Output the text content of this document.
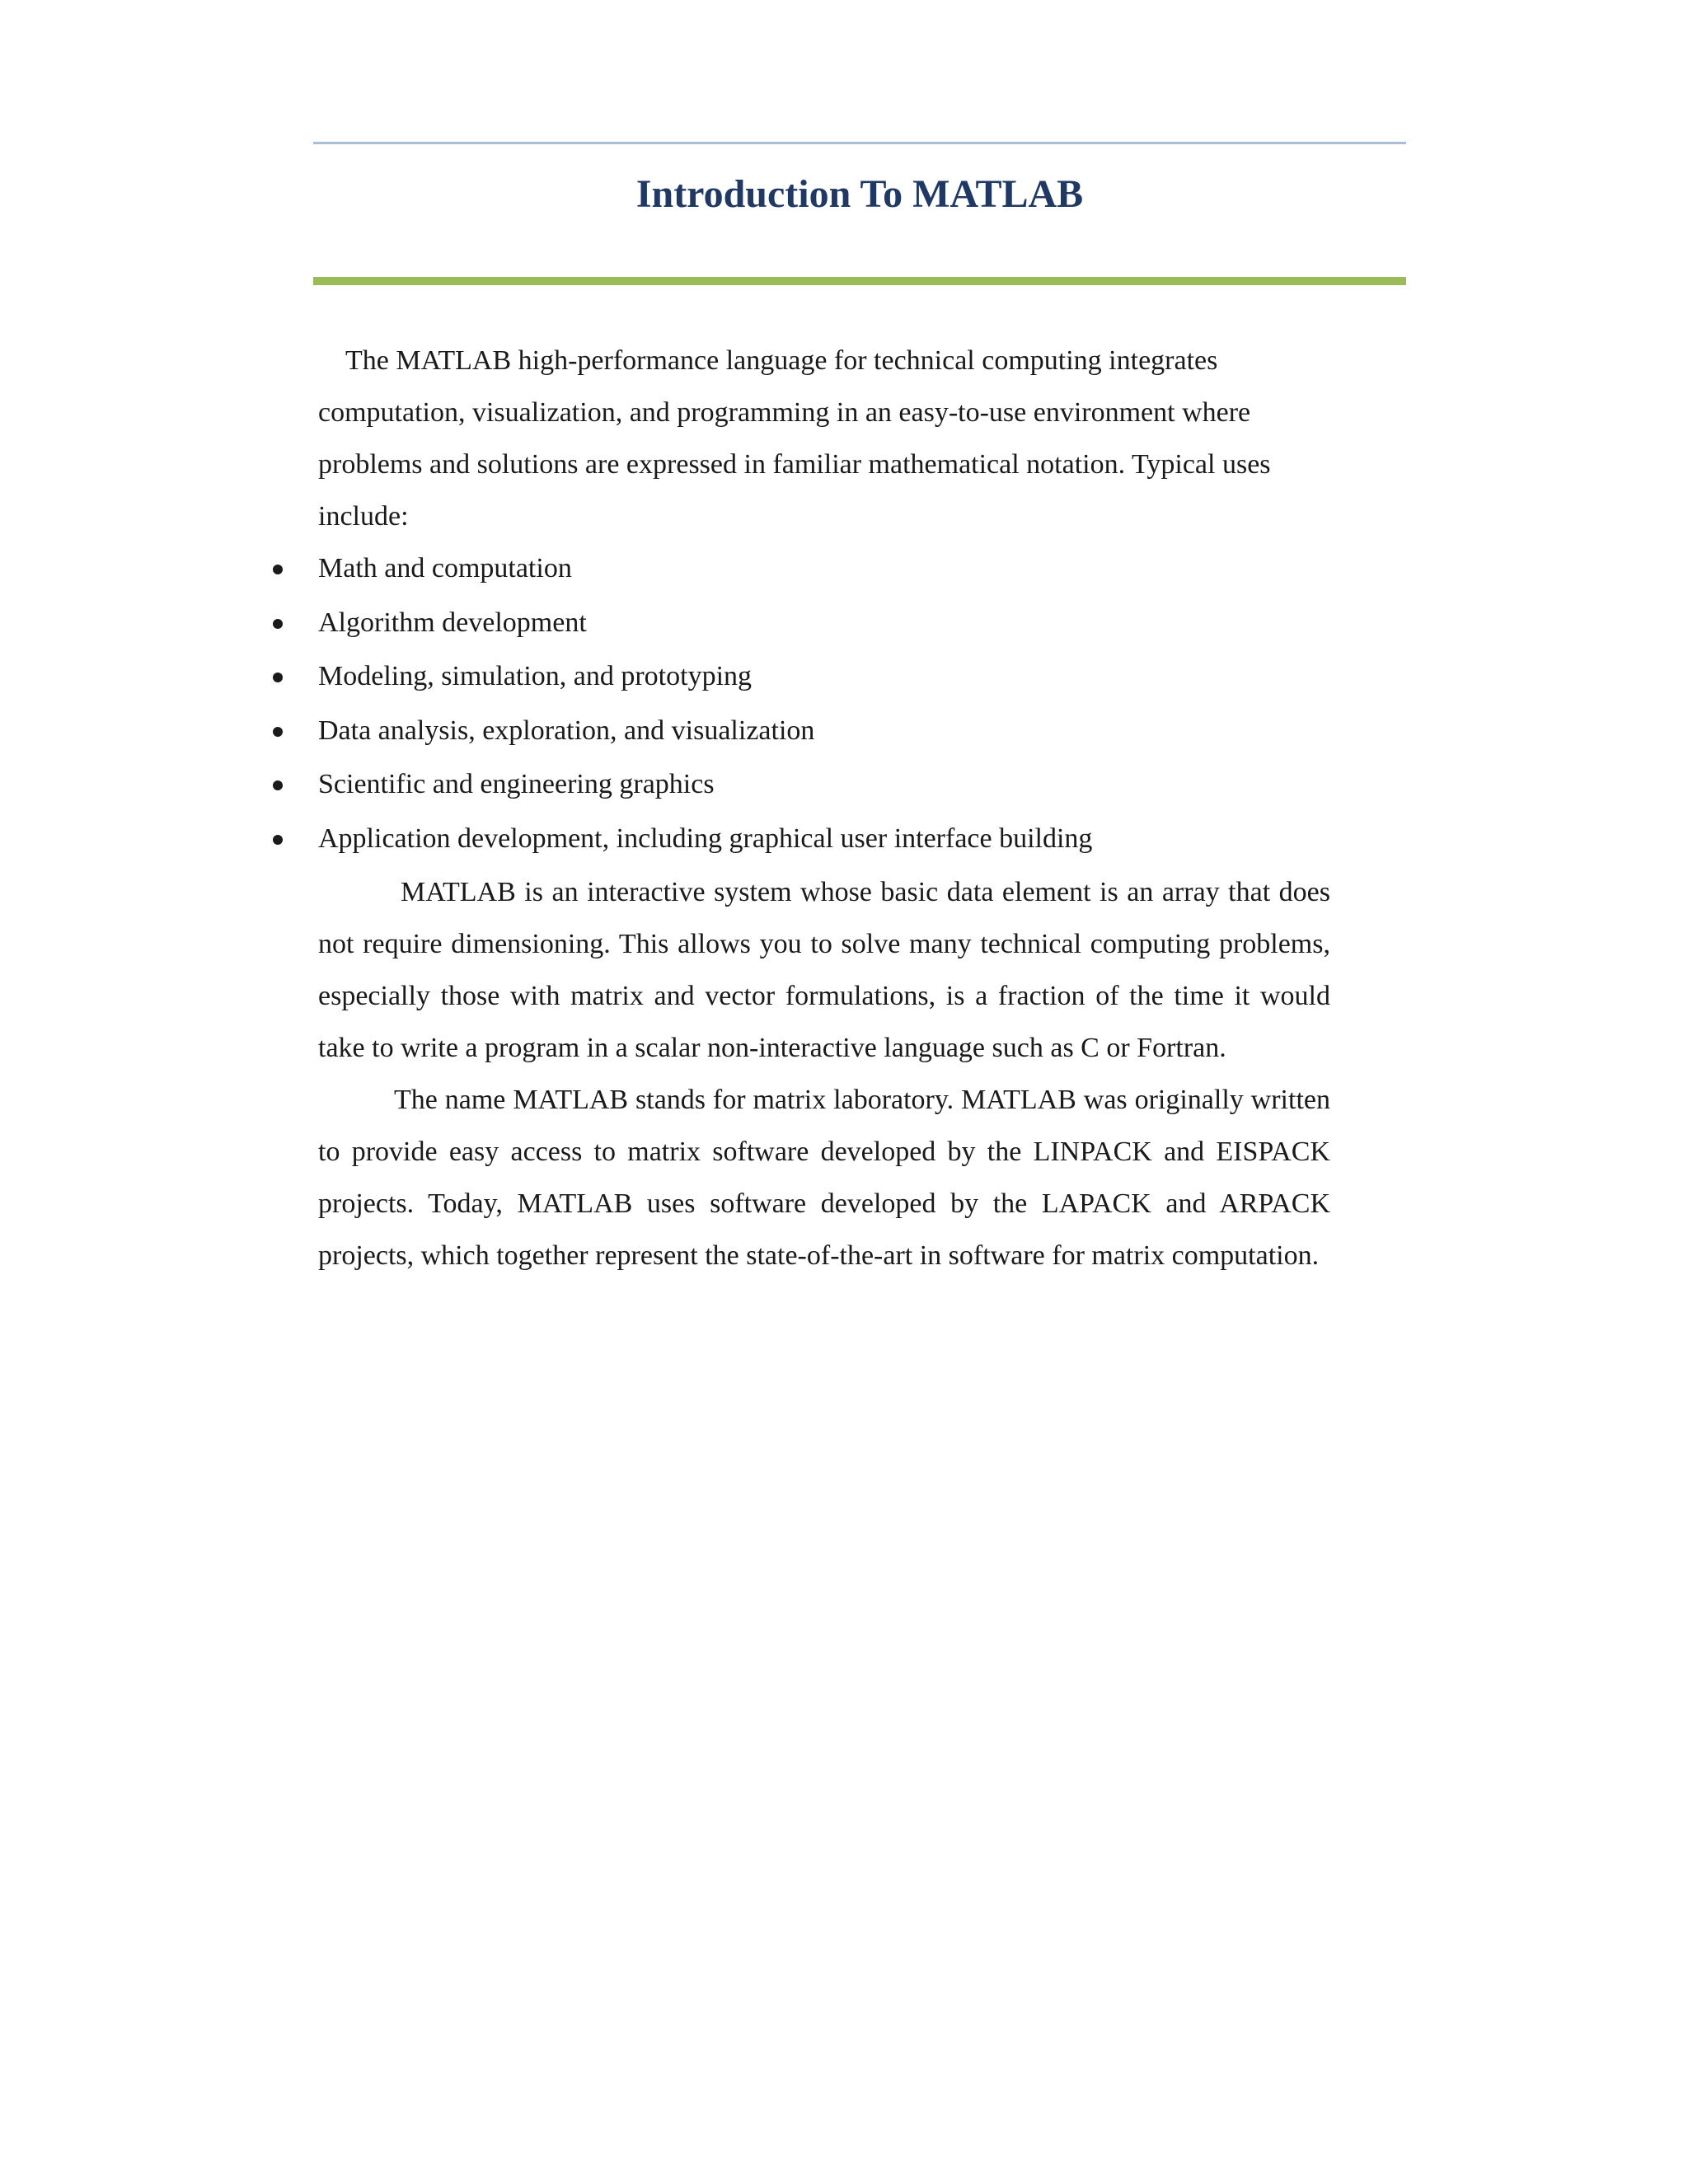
Introduction To MATLAB

The MATLAB high-performance language for technical computing integrates computation, visualization, and programming in an easy-to-use environment where problems and solutions are expressed in familiar mathematical notation. Typical uses include:

Math and computation
Algorithm development
Modeling, simulation, and prototyping
Data analysis, exploration, and visualization
Scientific and engineering graphics
Application development, including graphical user interface building

MATLAB is an interactive system whose basic data element is an array that does not require dimensioning. This allows you to solve many technical computing problems, especially those with matrix and vector formulations, is a fraction of the time it would take to write a program in a scalar non-interactive language such as C or Fortran.

The name MATLAB stands for matrix laboratory. MATLAB was originally written to provide easy access to matrix software developed by the LINPACK and EISPACK projects. Today, MATLAB uses software developed by the LAPACK and ARPACK projects, which together represent the state-of-the-art in software for matrix computation.
